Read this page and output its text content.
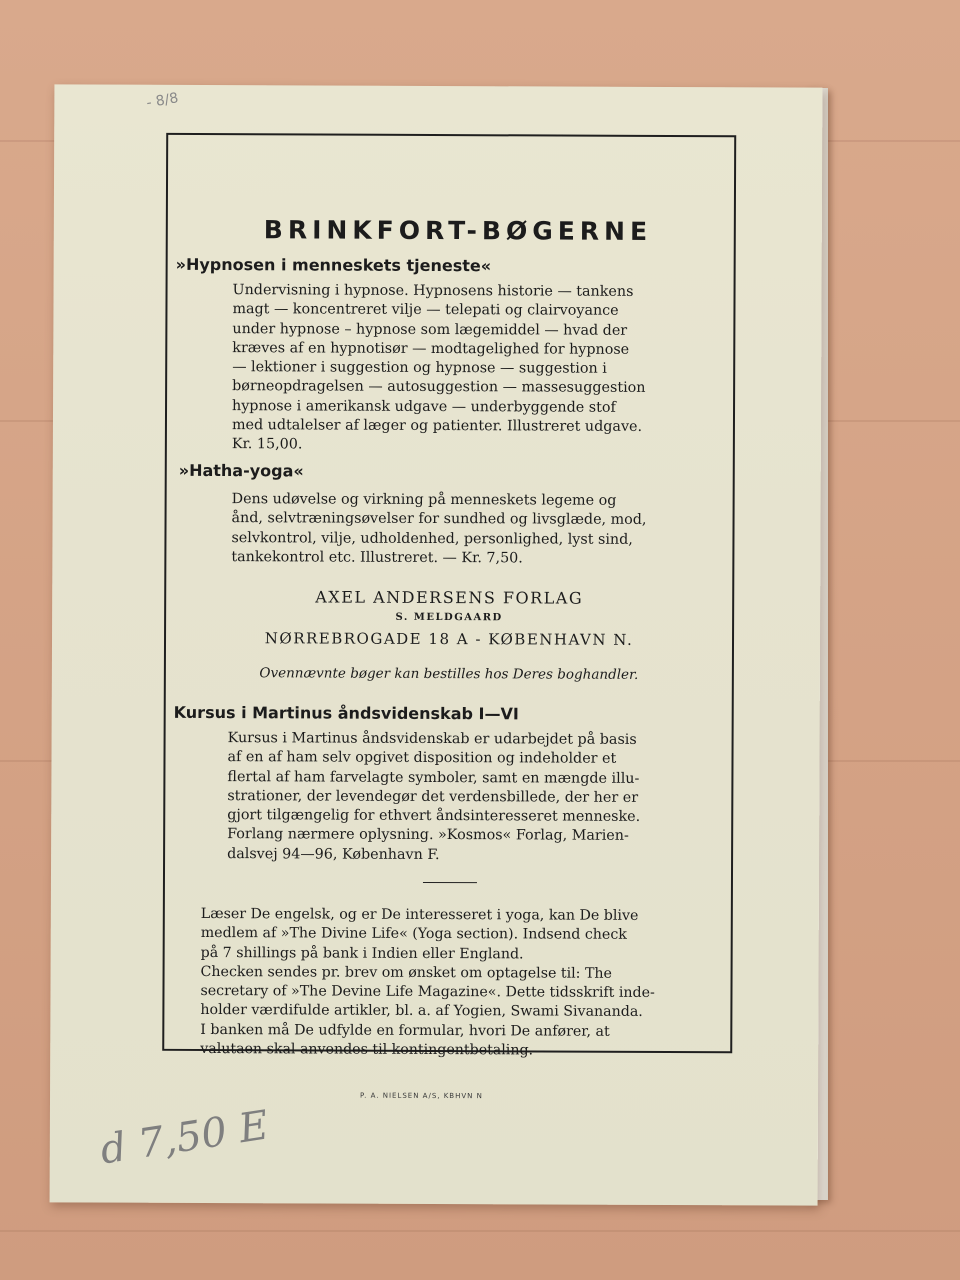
- 8/8
BRINKFORT-BØGERNE
»Hypnosen i menneskets tjeneste«
Undervisning i hypnose. Hypnosens historie — tankens
magt — koncentreret vilje — telepati og clairvoyance
under hypnose – hypnose som lægemiddel — hvad der
kræves af en hypnotisør — modtagelighed for hypnose
— lektioner i suggestion og hypnose — suggestion i
børneopdragelsen — autosuggestion — massesuggestion
hypnose i amerikansk udgave — underbyggende stof
med udtalelser af læger og patienter. Illustreret udgave.
Kr. 15,00.
»Hatha-yoga«
Dens udøvelse og virkning på menneskets legeme og
ånd, selvtræningsøvelser for sundhed og livsglæde, mod,
selvkontrol, vilje, udholdenhed, personlighed, lyst sind,
tankekontrol etc. Illustreret. — Kr. 7,50.
AXEL ANDERSENS FORLAG
S. MELDGAARD
NØRREBROGADE 18 A - KØBENHAVN N.
Ovennævnte bøger kan bestilles hos Deres boghandler.
Kursus i Martinus åndsvidenskab I—VI
Kursus i Martinus åndsvidenskab er udarbejdet på basis
af en af ham selv opgivet disposition og indeholder et
flertal af ham farvelagte symboler, samt en mængde illu-
strationer, der levendegør det verdensbillede, der her er
gjort tilgængelig for ethvert åndsinteresseret menneske.
Forlang nærmere oplysning. »Kosmos« Forlag, Marien-
dalsvej 94—96, København F.
Læser De engelsk, og er De interesseret i yoga, kan De blive
medlem af »The Divine Life« (Yoga section). Indsend check
på 7 shillings på bank i Indien eller England.
Checken sendes pr. brev om ønsket om optagelse til: The
secretary of »The Devine Life Magazine«. Dette tidsskrift inde-
holder værdifulde artikler, bl. a. af Yogien, Swami Sivananda.
I banken må De udfylde en formular, hvori De anfører, at
valutaen skal anvendes til kontingentbetaling.
P. A. NIELSEN A/S, KBHVN N
d 7,50 E
